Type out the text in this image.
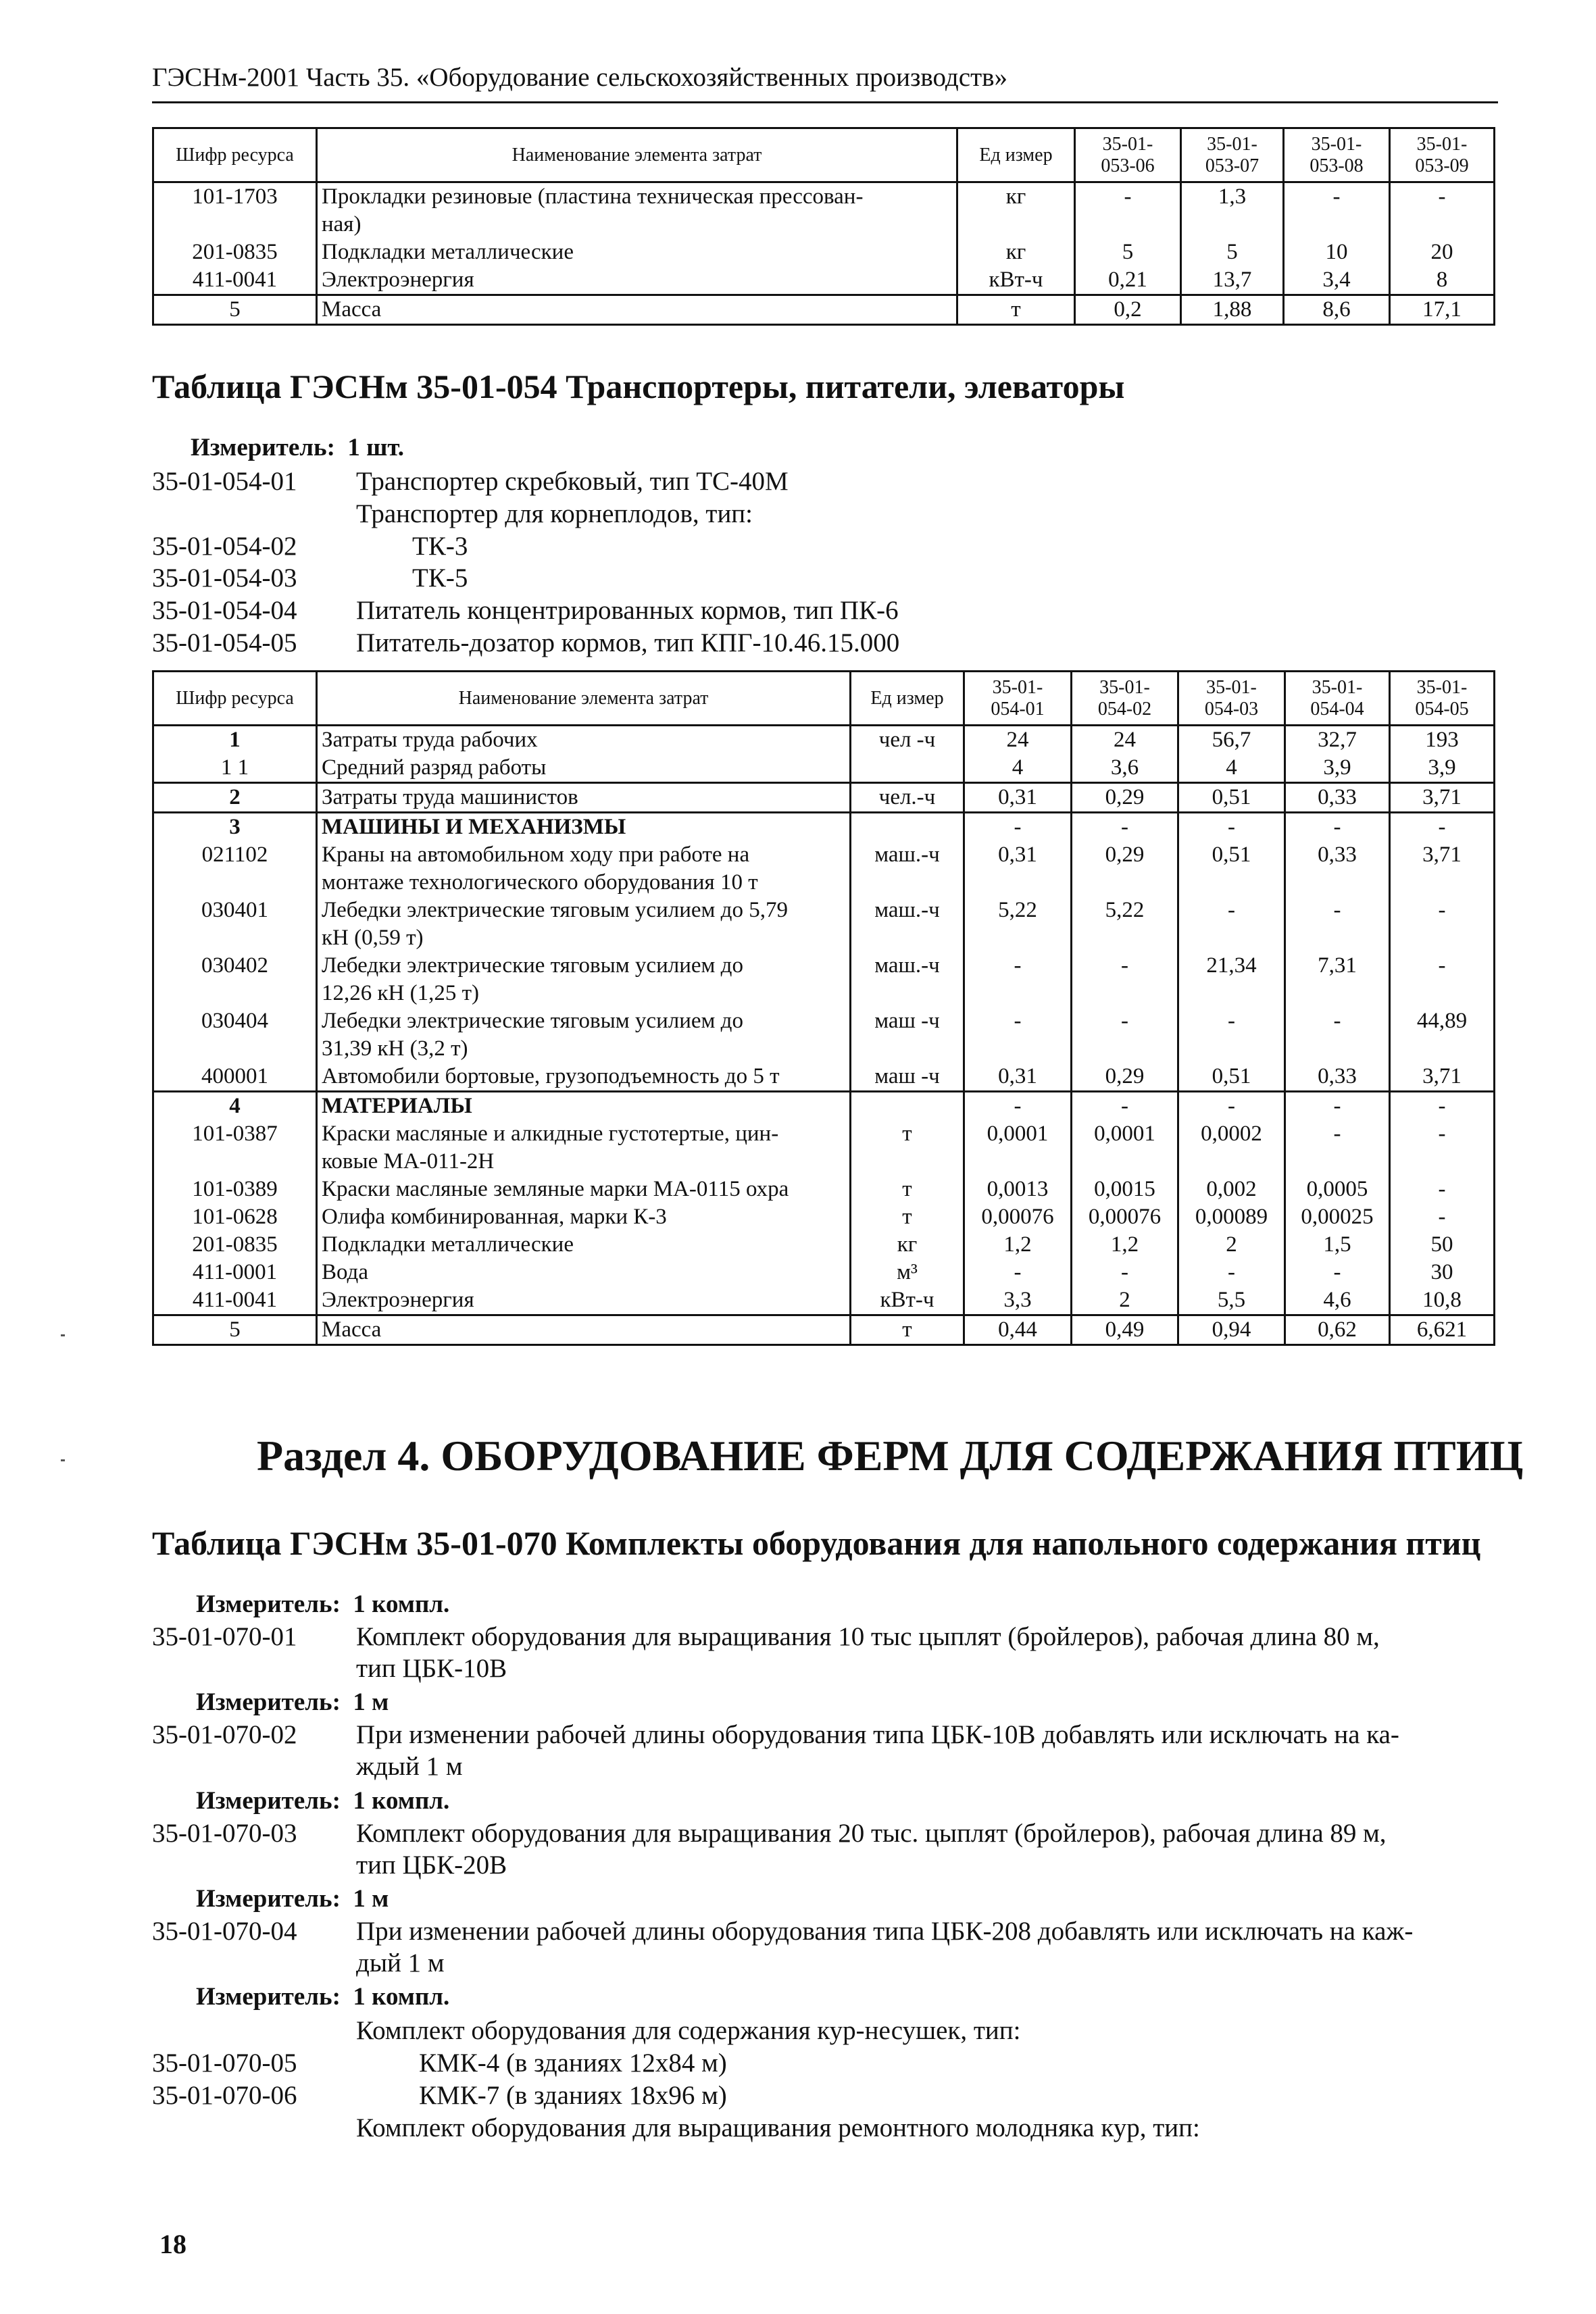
ГЭСНм-2001 Часть 35. «Оборудование сельскохозяйственных производств»
Шифр ресурса	Наименование элемента затрат	Ед измер	35-01-
053-06	35-01-
053-07	35-01-
053-08	35-01-
053-09
101-1703	Прокладки резиновые (пластина техническая прессован-
ная)	кг	-	1,3	-	-
201-0835	Подкладки металлические	кг	5	5	10	20
411-0041	Электроэнергия	кВт-ч	0,21	13,7	3,4	8
5	Масса	т	0,2	1,88	8,6	17,1
Таблица ГЭСНм 35-01-054 Транспортеры, питатели, элеваторы
Измеритель: 1 шт.
35-01-054-01 Транспортер скребковый, тип ТС-40М
Транспортер для корнеплодов, тип:
35-01-054-02	ТК-3
35-01-054-03	ТК-5
35-01-054-04 Питатель концентрированных кормов, тип ПК-6
35-01-054-05 Питатель-дозатор кормов, тип КПГ-10.46.15.000
Шифр ресурса	Наименование элемента затрат	Ед измер	35-01-
054-01	35-01-
054-02	35-01-
054-03	35-01-
054-04	35-01-
054-05
1	Затраты труда рабочих	чел -ч	24	24	56,7	32,7	193
1 1	Средний разряд работы		4	3,6	4	3,9	3,9
2	Затраты труда машинистов	чел.-ч	0,31	0,29	0,51	0,33	3,71
3	МАШИНЫ И МЕХАНИЗМЫ		-	-	-	-	-
021102	Краны на автомобильном ходу при работе на
монтаже технологического оборудования 10 т	маш.-ч	0,31	0,29	0,51	0,33	3,71
030401	Лебедки электрические тяговым усилием до 5,79
кН (0,59 т)	маш.-ч	5,22	5,22	-	-	-
030402	Лебедки электрические тяговым усилием до
12,26 кН (1,25 т)	маш.-ч	-	-	21,34	7,31	-
030404	Лебедки электрические тяговым усилием до
31,39 кН (3,2 т)	маш -ч	-	-	-	-	44,89
400001	Автомобили бортовые, грузоподъемность до 5 т	маш -ч	0,31	0,29	0,51	0,33	3,71
4	МАТЕРИАЛЫ		-	-	-	-	-
101-0387	Краски масляные и алкидные густотертые, цин-
ковые МА-011-2Н	т	0,0001	0,0001	0,0002	-	-
101-0389	Краски масляные земляные марки МА-0115 охра	т	0,0013	0,0015	0,002	0,0005	-
101-0628	Олифа комбинированная, марки К-3	т	0,00076	0,00076	0,00089	0,00025	-
201-0835	Подкладки металлические	кг	1,2	1,2	2	1,5	50
411-0001	Вода	м³	-	-	-	-	30
411-0041	Электроэнергия	кВт-ч	3,3	2	5,5	4,6	10,8
5	Масса	т	0,44	0,49	0,94	0,62	6,621
Раздел 4. ОБОРУДОВАНИЕ ФЕРМ ДЛЯ СОДЕРЖАНИЯ ПТИЦ
Таблица ГЭСНм 35-01-070 Комплекты оборудования для напольного содержания птиц
Измеритель: 1 компл.
35-01-070-01 Комплект оборудования для выращивания 10 тыс цыплят (бройлеров), рабочая длина 80 м,
тип ЦБК-10В
Измеритель: 1 м
35-01-070-02 При изменении рабочей длины оборудования типа ЦБК-10В добавлять или исключать на ка-
ждый 1 м
Измеритель: 1 компл.
35-01-070-03 Комплект оборудования для выращивания 20 тыс. цыплят (бройлеров), рабочая длина 89 м,
тип ЦБК-20В
Измеритель: 1 м
35-01-070-04 При изменении рабочей длины оборудования типа ЦБК-208 добавлять или исключать на каж-
дый 1 м
Измеритель: 1 компл.
Комплект оборудования для содержания кур-несушек, тип:
35-01-070-05	КМК-4 (в зданиях 12х84 м)
35-01-070-06	КМК-7 (в зданиях 18х96 м)
Комплект оборудования для выращивания ремонтного молодняка кур, тип:
18
